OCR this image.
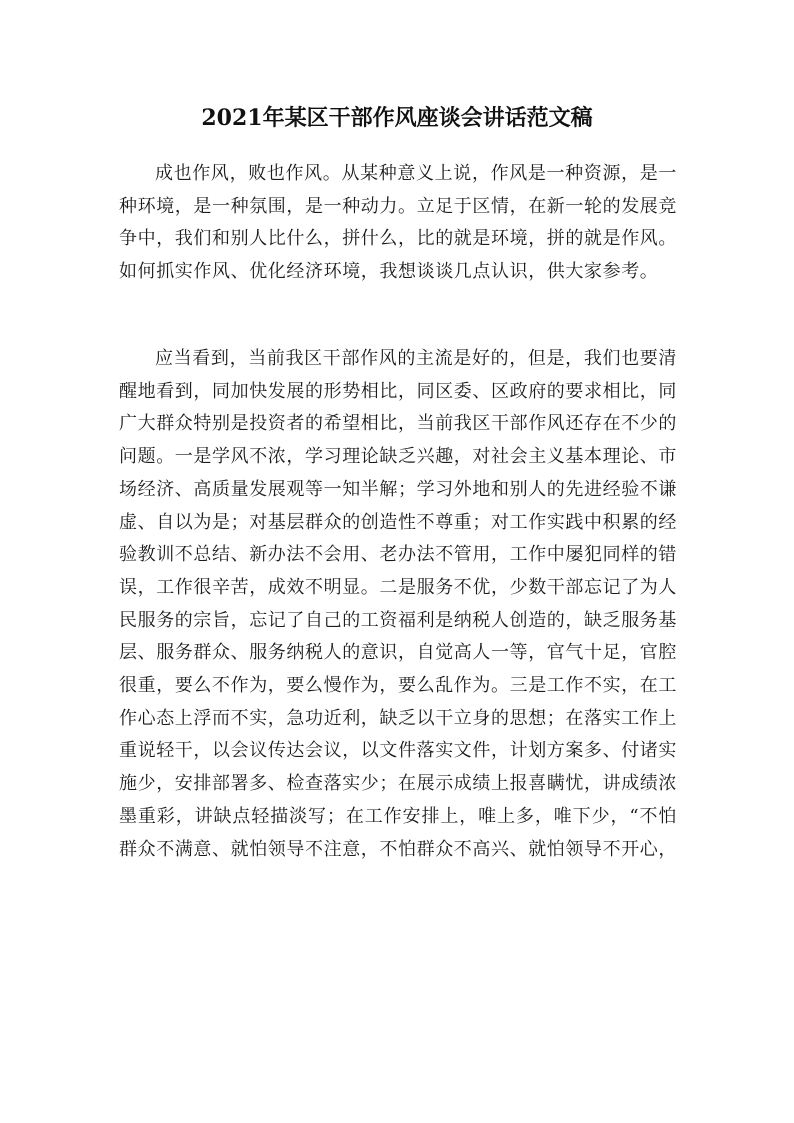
2021年某区干部作风座谈会讲话范文稿

成也作风，败也作风。从某种意义上说，作风是一种资源，是一种环境，是一种氛围，是一种动力。立足于区情，在新一轮的发展竞争中，我们和别人比什么，拼什么，比的就是环境，拼的就是作风。如何抓实作风、优化经济环境，我想谈谈几点认识，供大家参考。

应当看到，当前我区干部作风的主流是好的，但是，我们也要清醒地看到，同加快发展的形势相比，同区委、区政府的要求相比，同广大群众特别是投资者的希望相比，当前我区干部作风还存在不少的问题。一是学风不浓，学习理论缺乏兴趣，对社会主义基本理论、市场经济、高质量发展观等一知半解；学习外地和别人的先进经验不谦虚、自以为是；对基层群众的创造性不尊重；对工作实践中积累的经验教训不总结、新办法不会用、老办法不管用，工作中屡犯同样的错误，工作很辛苦，成效不明显。二是服务不优，少数干部忘记了为人民服务的宗旨，忘记了自己的工资福利是纳税人创造的，缺乏服务基层、服务群众、服务纳税人的意识，自觉高人一等，官气十足，官腔很重，要么不作为，要么慢作为，要么乱作为。三是工作不实，在工作心态上浮而不实，急功近利，缺乏以干立身的思想；在落实工作上重说轻干，以会议传达会议，以文件落实文件，计划方案多、付诸实施少，安排部署多、检查落实少；在展示成绩上报喜瞒忧，讲成绩浓墨重彩，讲缺点轻描淡写；在工作安排上，唯上多，唯下少，“不怕群众不满意、就怕领导不注意，不怕群众不高兴、就怕领导不开心，
